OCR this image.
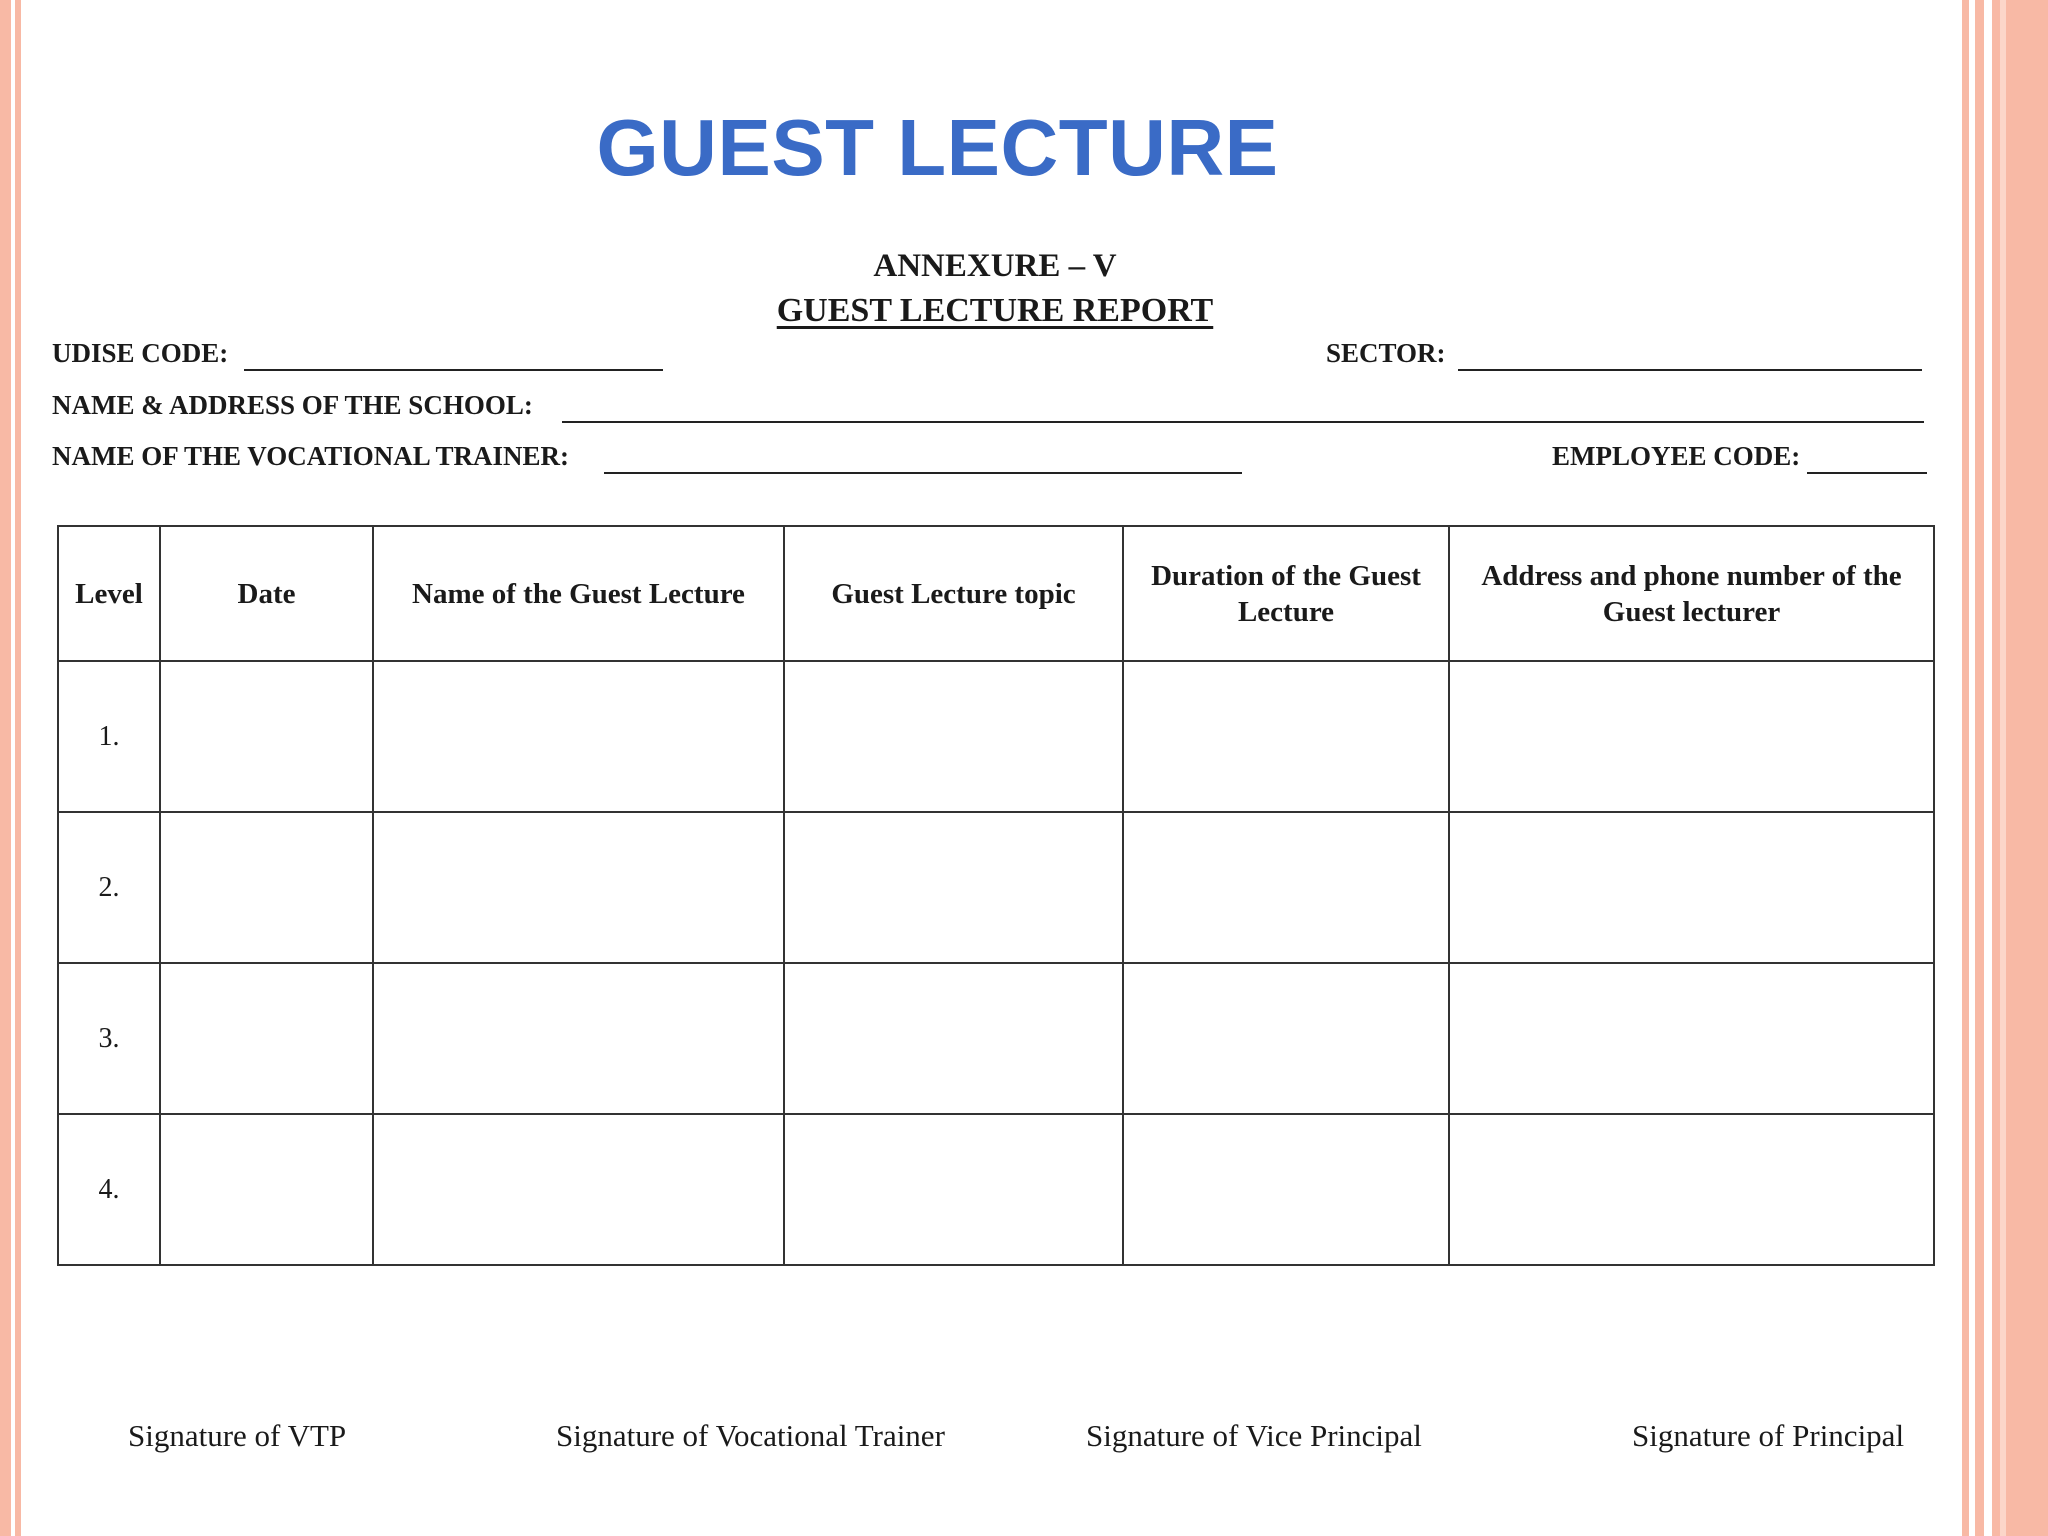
GUEST LECTURE
ANNEXURE – V
GUEST LECTURE REPORT
UDISE CODE:	SECTOR:
NAME & ADDRESS OF THE SCHOOL:
NAME OF THE VOCATIONAL TRAINER:	EMPLOYEE CODE:
Level	Date	Name of the Guest Lecture	Guest Lecture topic	Duration of the Guest Lecture	Address and phone number of the Guest lecturer
1.					
2.					
3.					
4.					
Signature of VTP	Signature of Vocational Trainer	Signature of Vice Principal	Signature of Principal
